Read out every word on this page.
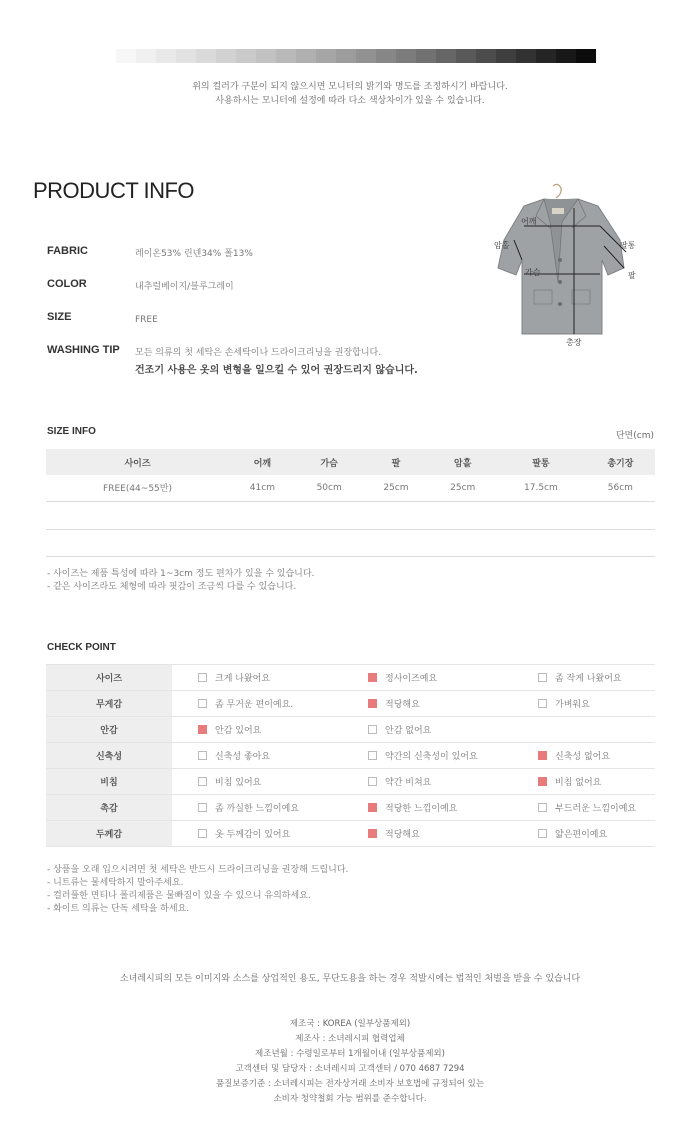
위의 컬러가 구분이 되지 않으시면 모니터의 밝기와 명도를 조정하시기 바랍니다.
사용하시는 모니터에 설정에 따라 다소 색상차이가 있을 수 있습니다.
PRODUCT INFO
FABRIC	레이온53% 린넨34% 폴13%
COLOR	내추럴베이지/블루그레이
SIZE	FREE
WASHING TIP	모든 의류의 첫 세탁은 손세탁이나 드라이크리닝을 권장합니다.
건조기 사용은 옷의 변형을 일으킬 수 있어 권장드리지 않습니다.
어깨
암홀	팔통
가슴	팔
총장
SIZE INFO	단면(cm)
사이즈	어깨	가슴	팔	암홀	팔통	총기장
FREE(44~55반)	41cm	50cm	25cm	25cm	17.5cm	56cm
- 사이즈는 제품 특성에 따라 1~3cm 정도 편차가 있을 수 있습니다.
- 같은 사이즈라도 체형에 따라 핏감이 조금씩 다를 수 있습니다.
CHECK POINT
사이즈	크게 나왔어요	정사이즈예요	좀 작게 나왔어요
무게감	좀 무거운 편이예요.	적당해요	가벼워요
안감	안감 있어요	안감 없어요	
신축성	신축성 좋아요	약간의 신축성이 있어요	신축성 없어요
비침	비침 있어요	약간 비쳐요	비침 없어요
촉감	좀 까실한 느낌이예요	적당한 느낌이예요	부드러운 느낌이예요
두께감	옷 두께감이 있어요	적당해요	얇은편이예요
- 상품을 오래 입으시려면 첫 세탁은 반드시 드라이크리닝을 권장해 드립니다.
- 니트류는 물세탁하지 말아주세요.
- 컬러풀한 면티나 폴리제품은 물빠짐이 있을 수 있으니 유의하세요.
- 화이트 의류는 단독 세탁을 하세요.
소녀레시피의 모든 이미지와 소스를 상업적인 용도, 무단도용을 하는 경우 적발시에는 법적인 처벌을 받을 수 있습니다
제조국 : KOREA (일부상품제외)
제조사 : 소녀레시피 협력업체
제조년월 : 수령일로부터 1개월이내 (일부상품제외)
고객센터 및 담당자 : 소녀레시피 고객센터 / 070 4687 7294
품질보증기준 : 소녀레시피는 전자상거래 소비자 보호법에 규정되어 있는
소비자 청약철회 가능 범위를 준수합니다.
